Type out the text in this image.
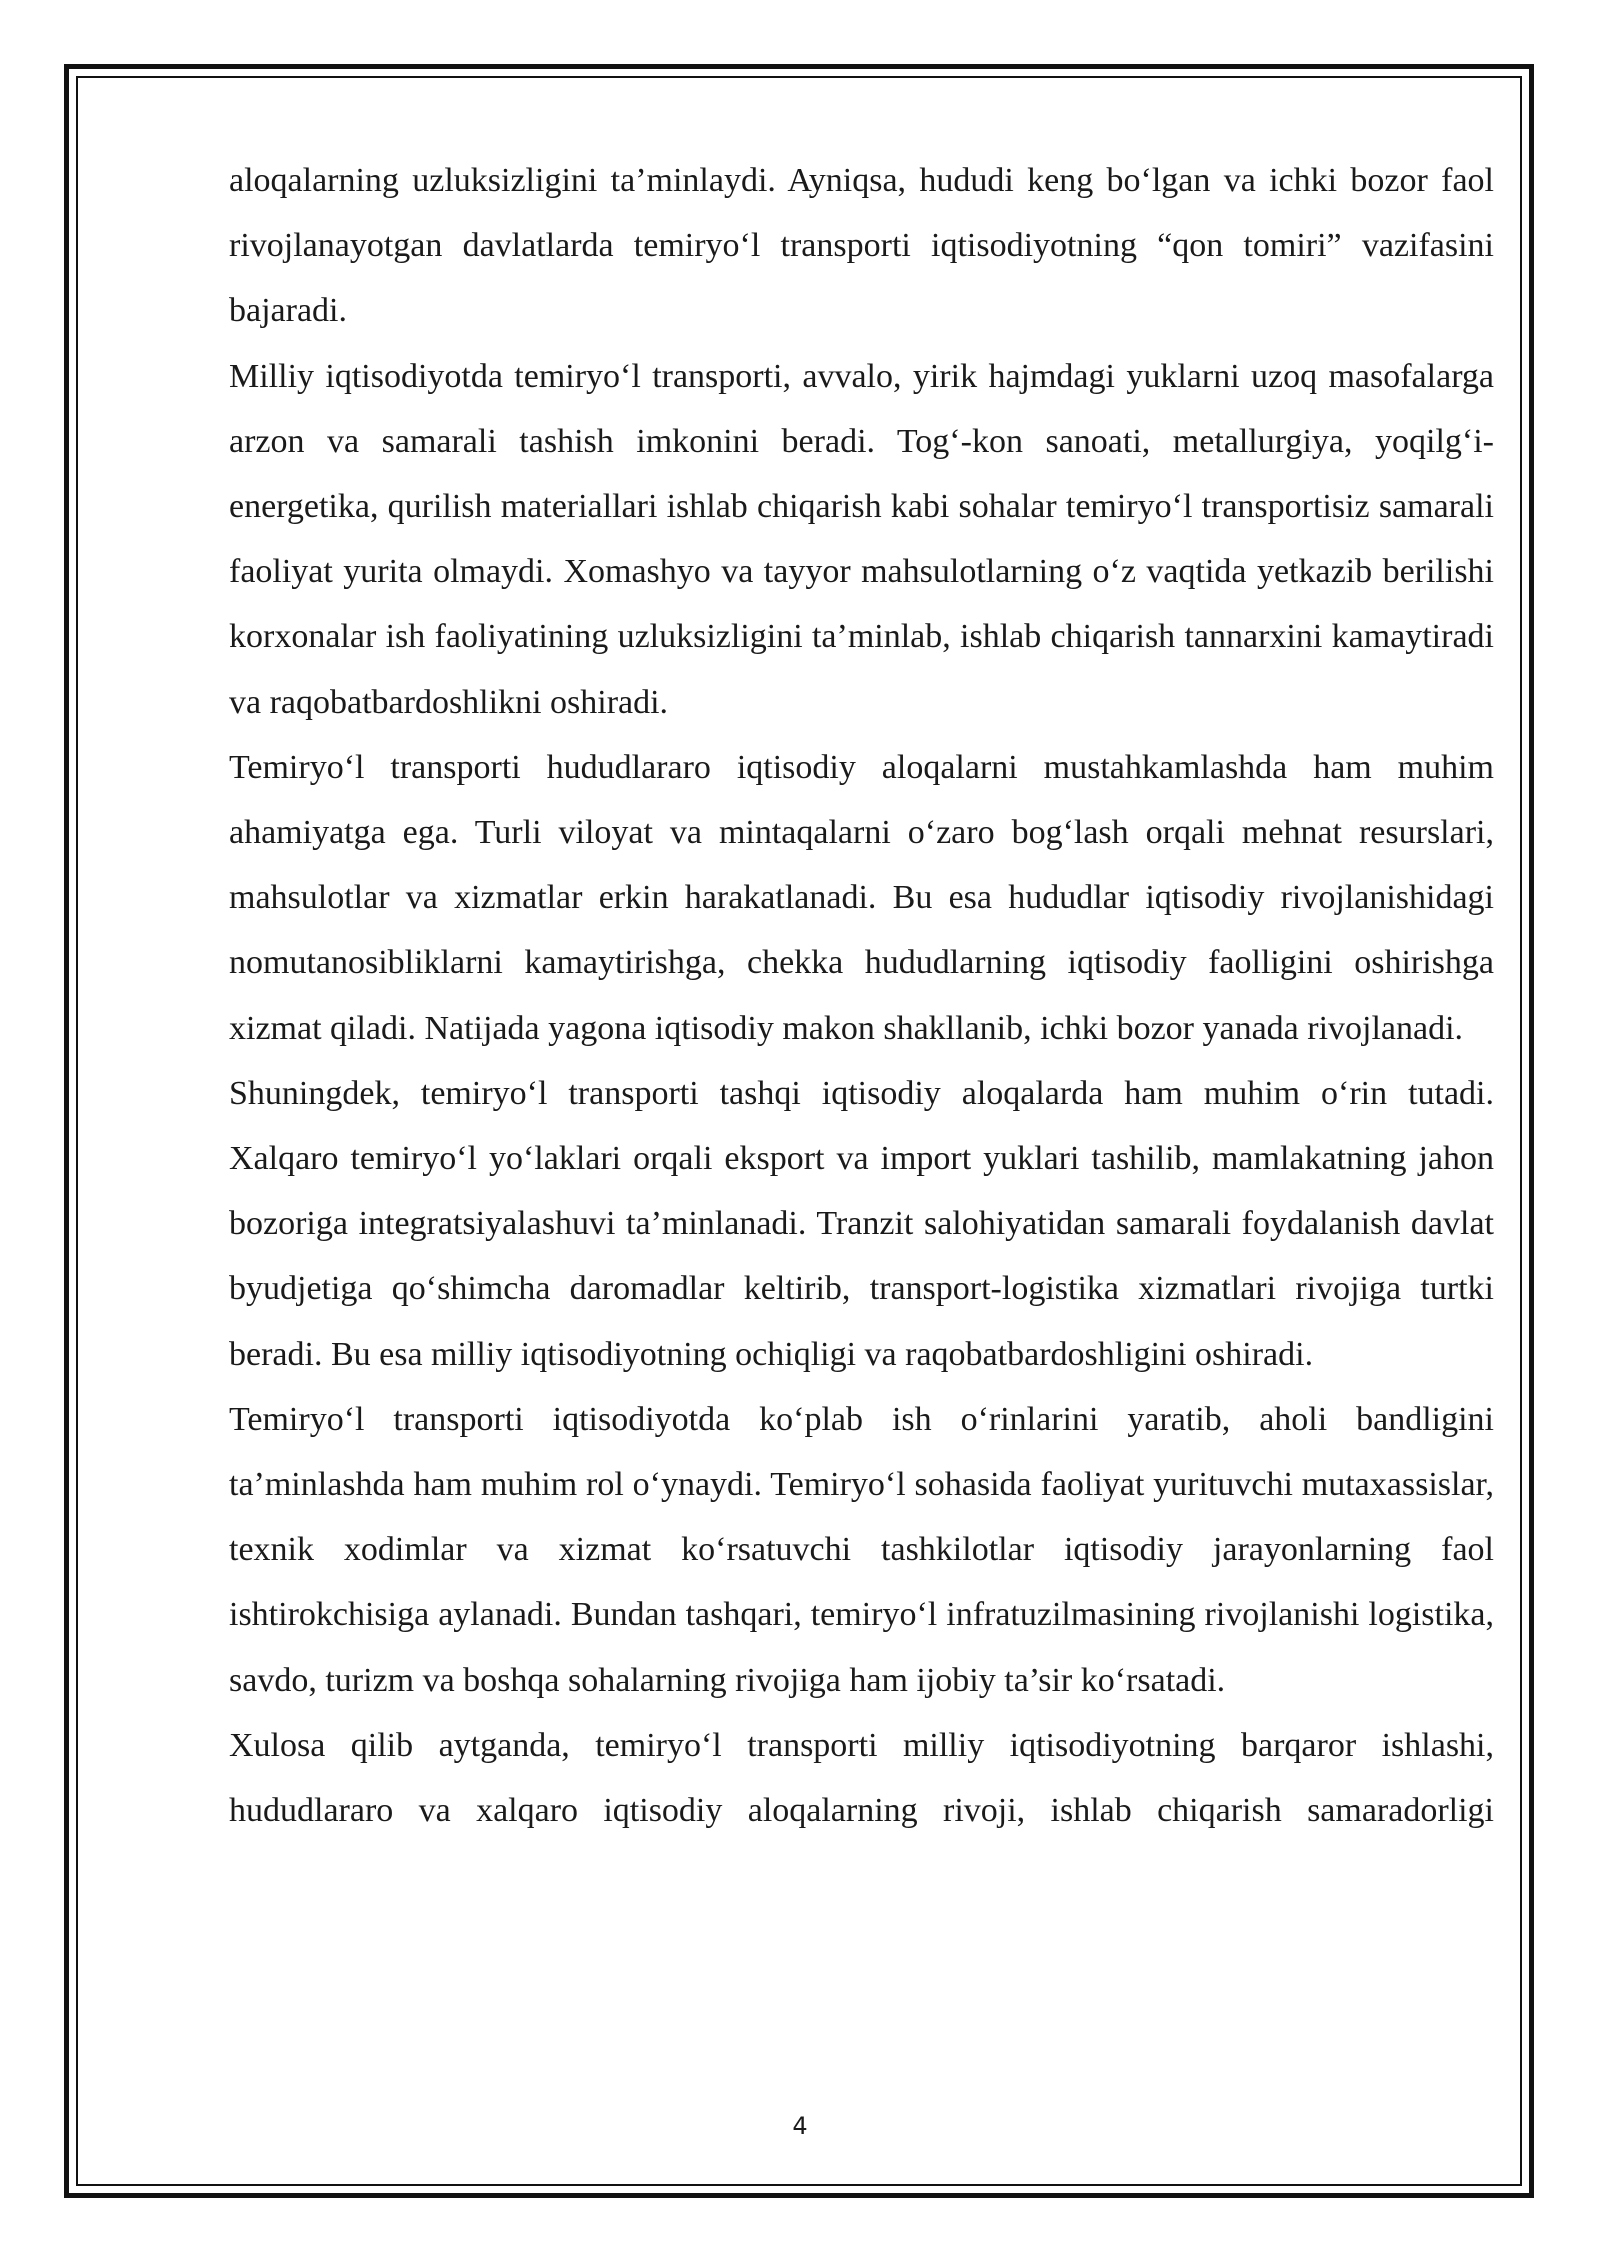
aloqalarning uzluksizligini ta’minlaydi. Ayniqsa, hududi keng bo‘lgan va ichki bozor faol rivojlanayotgan davlatlarda temiryo‘l transporti iqtisodiyotning “qon tomiri” vazifasini bajaradi.

Milliy iqtisodiyotda temiryo‘l transporti, avvalo, yirik hajmdagi yuklarni uzoq masofalarga arzon va samarali tashish imkonini beradi. Tog‘-kon sanoati, metallurgiya, yoqilg‘i-energetika, qurilish materiallari ishlab chiqarish kabi sohalar temiryo‘l transportisiz samarali faoliyat yurita olmaydi. Xomashyo va tayyor mahsulotlarning o‘z vaqtida yetkazib berilishi korxonalar ish faoliyatining uzluksizligini ta’minlab, ishlab chiqarish tannarxini kamaytiradi va raqobatbardoshlikni oshiradi.

Temiryo‘l transporti hududlararo iqtisodiy aloqalarni mustahkamlashda ham muhim ahamiyatga ega. Turli viloyat va mintaqalarni o‘zaro bog‘lash orqali mehnat resurslari, mahsulotlar va xizmatlar erkin harakatlanadi. Bu esa hududlar iqtisodiy rivojlanishidagi nomutanosibliklarni kamaytirishga, chekka hududlarning iqtisodiy faolligini oshirishga xizmat qiladi. Natijada yagona iqtisodiy makon shakllanib, ichki bozor yanada rivojlanadi.

Shuningdek, temiryo‘l transporti tashqi iqtisodiy aloqalarda ham muhim o‘rin tutadi. Xalqaro temiryo‘l yo‘laklari orqali eksport va import yuklari tashilib, mamlakatning jahon bozoriga integratsiyalashuvi ta’minlanadi. Tranzit salohiyatidan samarali foydalanish davlat byudjetiga qo‘shimcha daromadlar keltirib, transport-logistika xizmatlari rivojiga turtki beradi. Bu esa milliy iqtisodiyotning ochiqligi va raqobatbardoshligini oshiradi.

Temiryo‘l transporti iqtisodiyotda ko‘plab ish o‘rinlarini yaratib, aholi bandligini ta’minlashda ham muhim rol o‘ynaydi. Temiryo‘l sohasida faoliyat yurituvchi mutaxassislar, texnik xodimlar va xizmat ko‘rsatuvchi tashkilotlar iqtisodiy jarayonlarning faol ishtirokchisiga aylanadi. Bundan tashqari, temiryo‘l infratuzilmasining rivojlanishi logistika, savdo, turizm va boshqa sohalarning rivojiga ham ijobiy ta’sir ko‘rsatadi.

Xulosa qilib aytganda, temiryo‘l transporti milliy iqtisodiyotning barqaror ishlashi, hududlararo va xalqaro iqtisodiy aloqalarning rivoji, ishlab chiqarish samaradorligi

4
